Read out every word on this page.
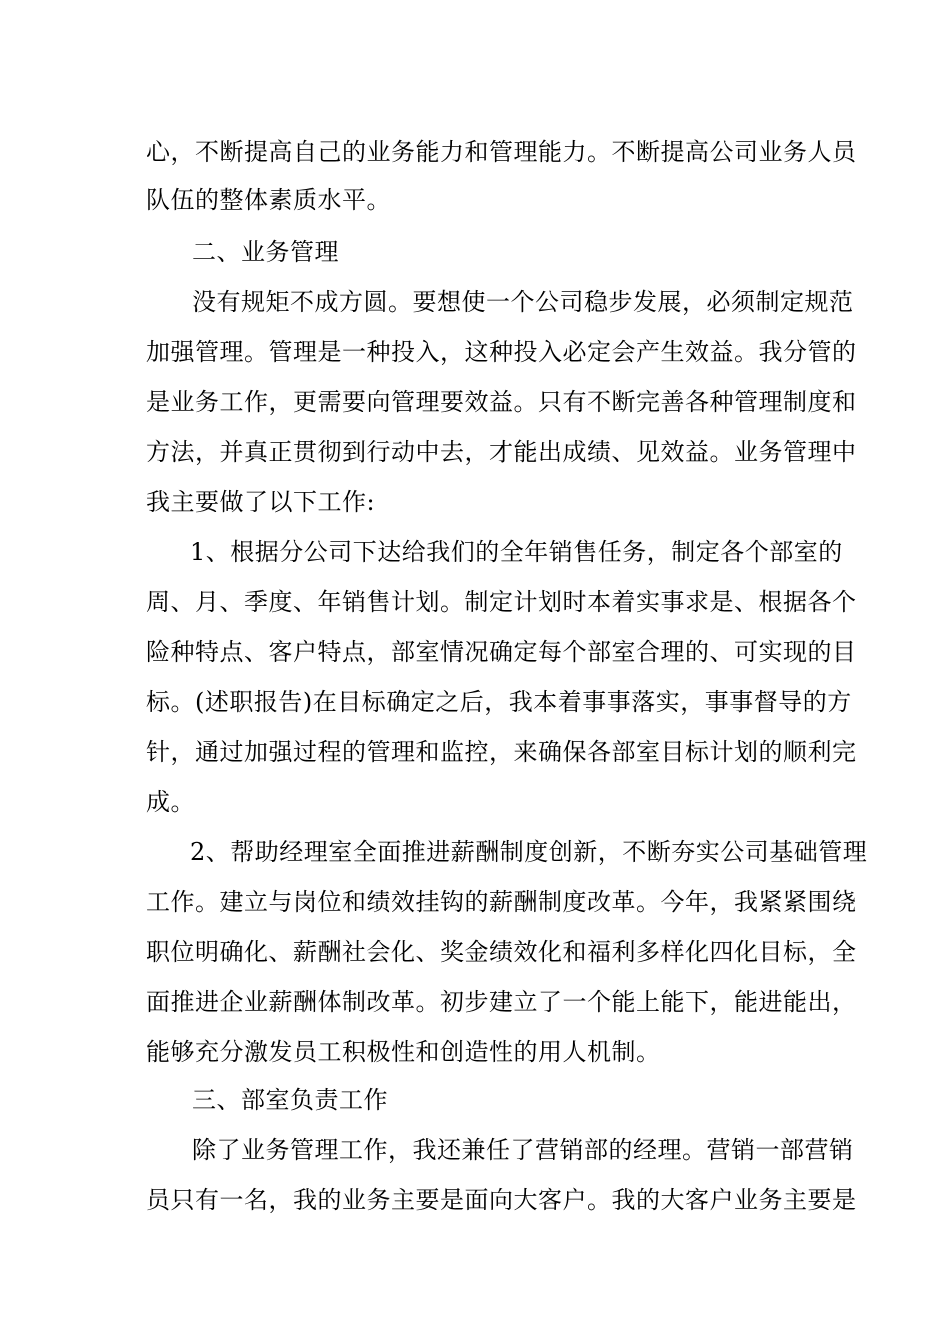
心，不断提高自己的业务能力和管理能力。不断提高公司业务人员
队伍的整体素质水平。
二、业务管理
没有规矩不成方圆。要想使一个公司稳步发展，必须制定规范
加强管理。管理是一种投入，这种投入必定会产生效益。我分管的
是业务工作，更需要向管理要效益。只有不断完善各种管理制度和
方法，并真正贯彻到行动中去，才能出成绩、见效益。业务管理中
我主要做了以下工作:
1、根据分公司下达给我们的全年销售任务，制定各个部室的
周、月、季度、年销售计划。制定计划时本着实事求是、根据各个
险种特点、客户特点，部室情况确定每个部室合理的、可实现的目
标。(述职报告)在目标确定之后，我本着事事落实，事事督导的方
针，通过加强过程的管理和监控，来确保各部室目标计划的顺利完
成。
2、帮助经理室全面推进薪酬制度创新，不断夯实公司基础管理
工作。建立与岗位和绩效挂钩的薪酬制度改革。今年，我紧紧围绕
职位明确化、薪酬社会化、奖金绩效化和福利多样化四化目标，全
面推进企业薪酬体制改革。初步建立了一个能上能下，能进能出，
能够充分激发员工积极性和创造性的用人机制。
三、部室负责工作
除了业务管理工作，我还兼任了营销部的经理。营销一部营销
员只有一名，我的业务主要是面向大客户。我的大客户业务主要是
